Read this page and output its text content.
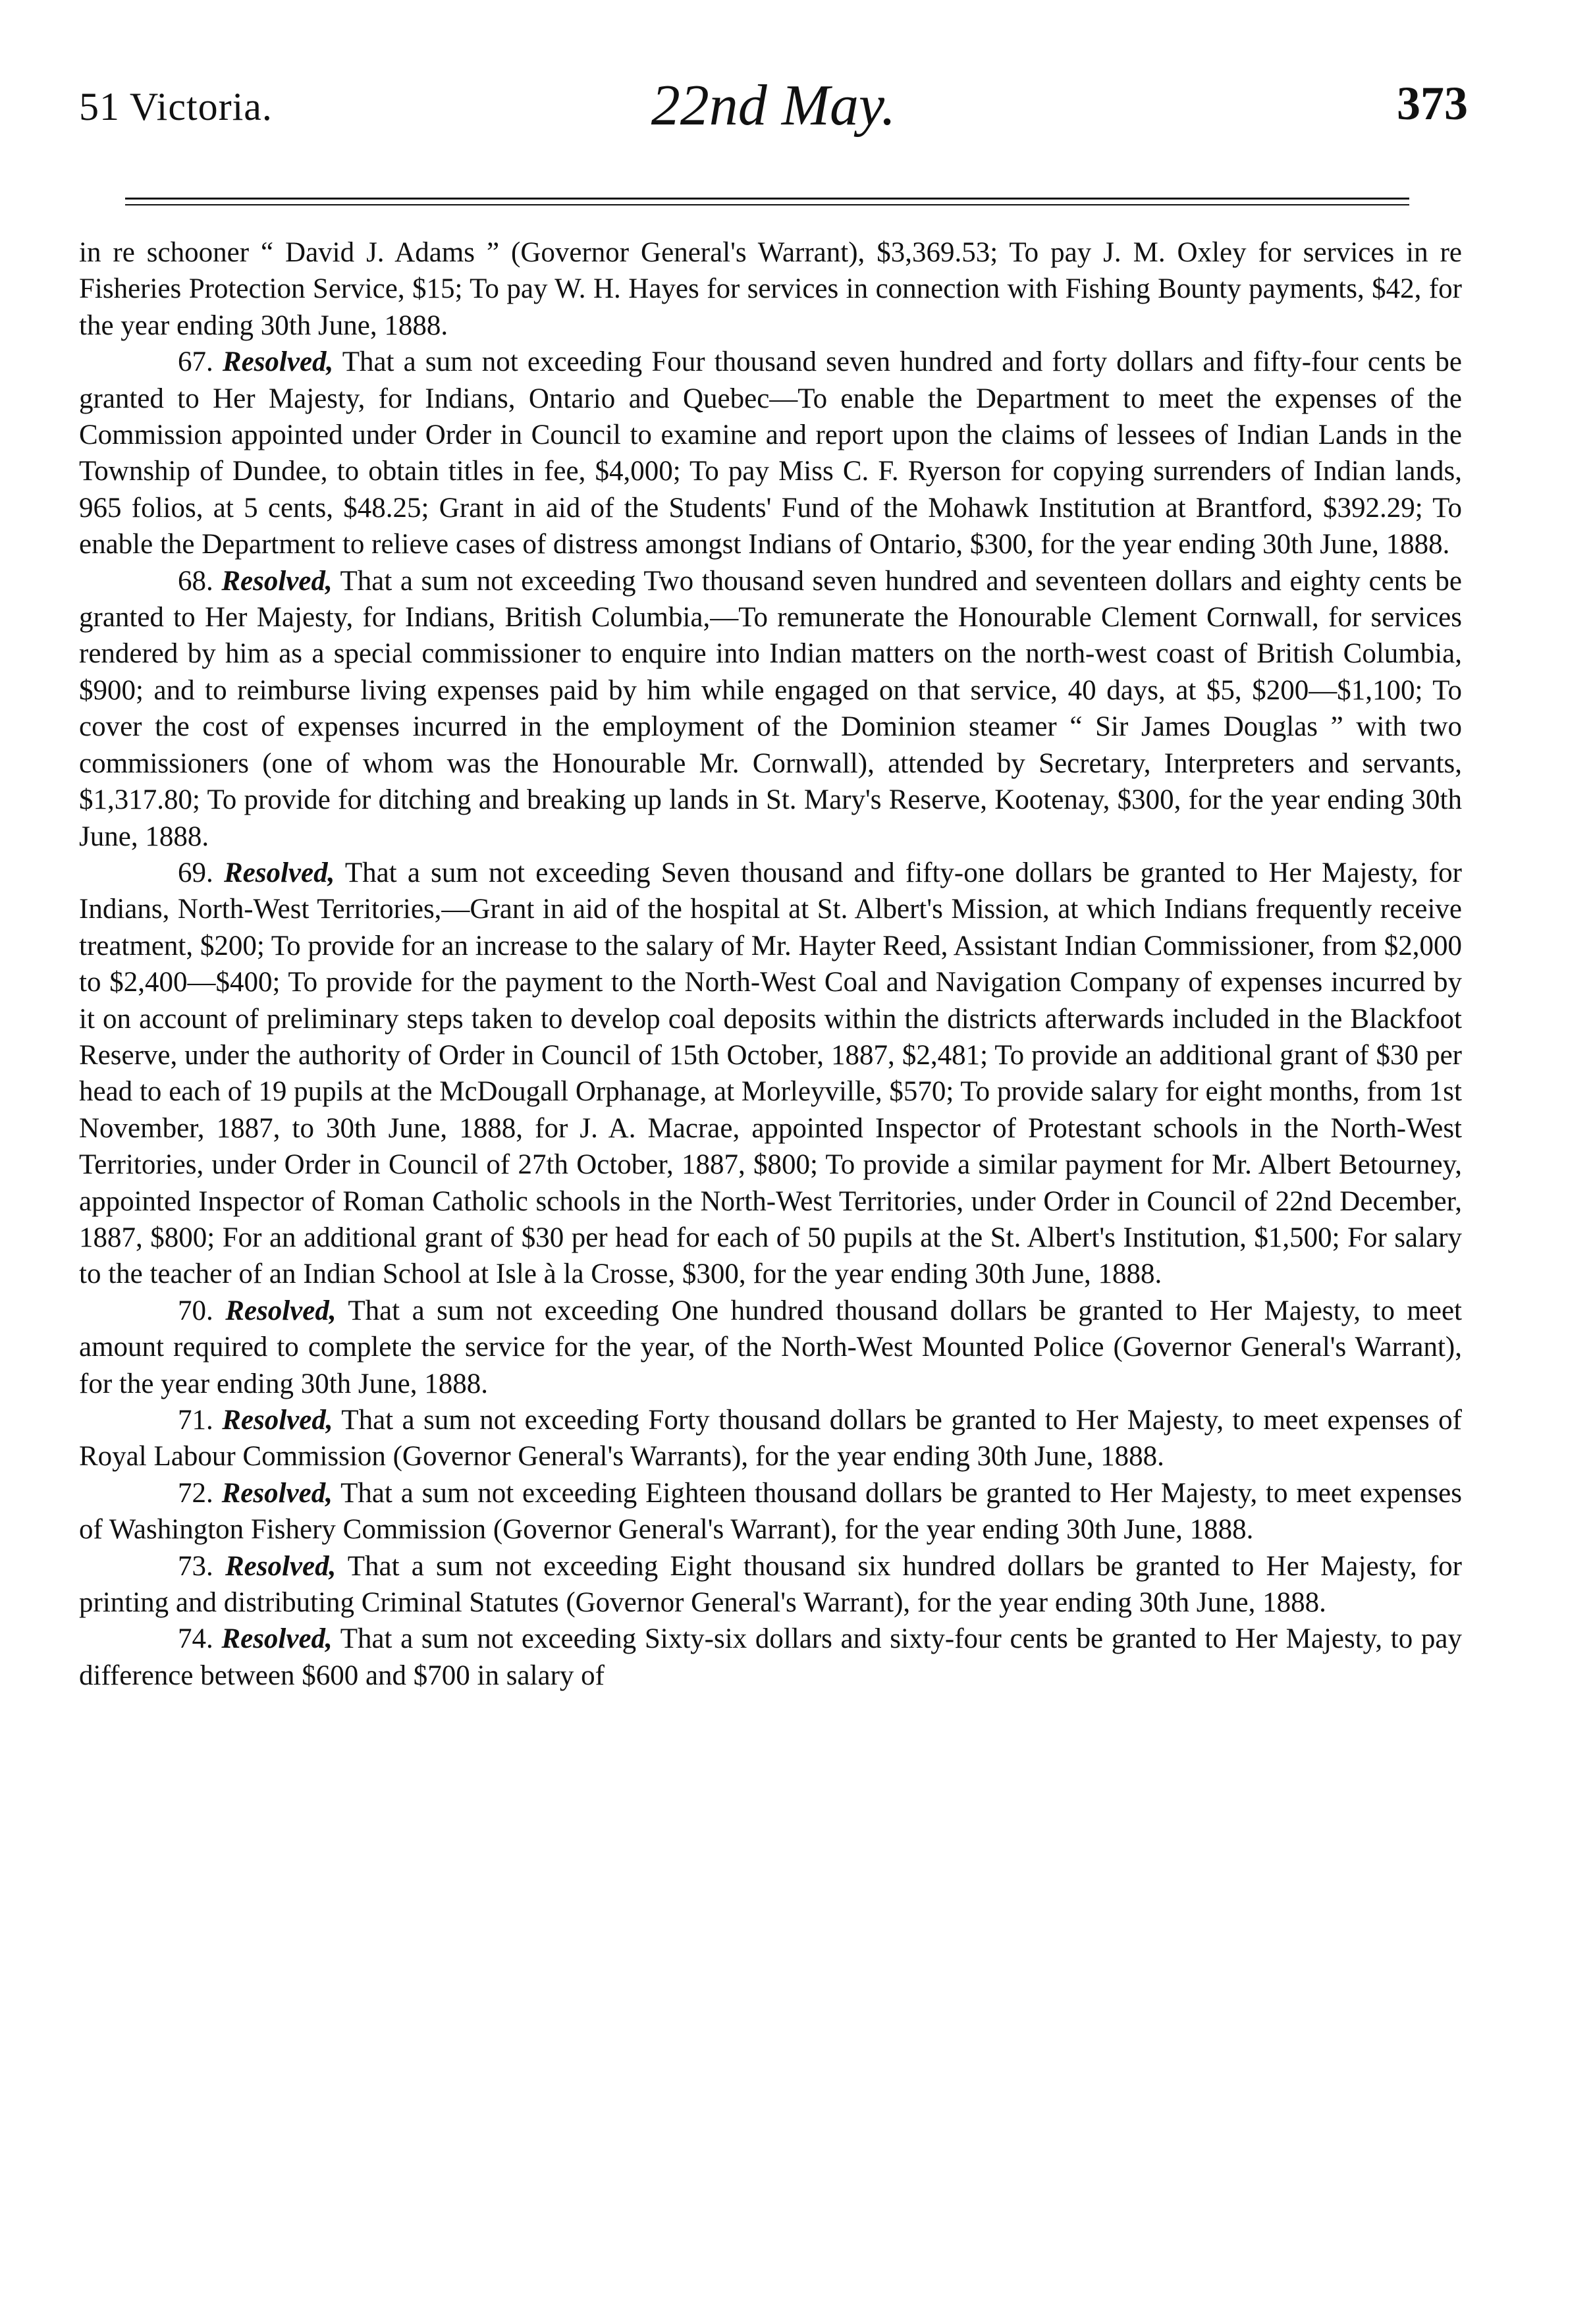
51 Victoria.	22nd May.	373

in re schooner “ David J. Adams ” (Governor General's Warrant), $3,369.53; To pay J. M. Oxley for services in re Fisheries Protection Service, $15; To pay W. H. Hayes for services in connection with Fishing Bounty payments, $42, for the year ending 30th June, 1888.

67. Resolved, That a sum not exceeding Four thousand seven hundred and forty dollars and fifty-four cents be granted to Her Majesty, for Indians, Ontario and Quebec—To enable the Department to meet the expenses of the Commission appointed under Order in Council to examine and report upon the claims of lessees of Indian Lands in the Township of Dundee, to obtain titles in fee, $4,000; To pay Miss C. F. Ryerson for copying surrenders of Indian lands, 965 folios, at 5 cents, $48.25; Grant in aid of the Students' Fund of the Mohawk Institution at Brantford, $392.29; To enable the Department to relieve cases of distress amongst Indians of Ontario, $300, for the year ending 30th June, 1888.

68. Resolved, That a sum not exceeding Two thousand seven hundred and seventeen dollars and eighty cents be granted to Her Majesty, for Indians, British Columbia,—To remunerate the Honourable Clement Cornwall, for services rendered by him as a special commissioner to enquire into Indian matters on the north-west coast of British Columbia, $900; and to reimburse living expenses paid by him while engaged on that service, 40 days, at $5, $200—$1,100; To cover the cost of expenses incurred in the employment of the Dominion steamer “ Sir James Douglas ” with two commissioners (one of whom was the Honourable Mr. Cornwall), attended by Secretary, Interpreters and servants, $1,317.80; To provide for ditching and breaking up lands in St. Mary's Reserve, Kootenay, $300, for the year ending 30th June, 1888.

69. Resolved, That a sum not exceeding Seven thousand and fifty-one dollars be granted to Her Majesty, for Indians, North-West Territories,—Grant in aid of the hospital at St. Albert's Mission, at which Indians frequently receive treatment, $200; To provide for an increase to the salary of Mr. Hayter Reed, Assistant Indian Commissioner, from $2,000 to $2,400—$400; To provide for the payment to the North-West Coal and Navigation Company of expenses incurred by it on account of preliminary steps taken to develop coal deposits within the districts afterwards included in the Blackfoot Reserve, under the authority of Order in Council of 15th October, 1887, $2,481; To provide an additional grant of $30 per head to each of 19 pupils at the McDougall Orphanage, at Morleyville, $570; To provide salary for eight months, from 1st November, 1887, to 30th June, 1888, for J. A. Macrae, appointed Inspector of Protestant schools in the North-West Territories, under Order in Council of 27th October, 1887, $800; To provide a similar payment for Mr. Albert Betourney, appointed Inspector of Roman Catholic schools in the North-West Territories, under Order in Council of 22nd December, 1887, $800; For an additional grant of $30 per head for each of 50 pupils at the St. Albert's Institution, $1,500; For salary to the teacher of an Indian School at Isle à la Crosse, $300, for the year ending 30th June, 1888.

70. Resolved, That a sum not exceeding One hundred thousand dollars be granted to Her Majesty, to meet amount required to complete the service for the year, of the North-West Mounted Police (Governor General's Warrant), for the year ending 30th June, 1888.

71. Resolved, That a sum not exceeding Forty thousand dollars be granted to Her Majesty, to meet expenses of Royal Labour Commission (Governor General's Warrants), for the year ending 30th June, 1888.

72. Resolved, That a sum not exceeding Eighteen thousand dollars be granted to Her Majesty, to meet expenses of Washington Fishery Commission (Governor General's Warrant), for the year ending 30th June, 1888.

73. Resolved, That a sum not exceeding Eight thousand six hundred dollars be granted to Her Majesty, for printing and distributing Criminal Statutes (Governor General's Warrant), for the year ending 30th June, 1888.

74. Resolved, That a sum not exceeding Sixty-six dollars and sixty-four cents be granted to Her Majesty, to pay difference between $600 and $700 in salary of
